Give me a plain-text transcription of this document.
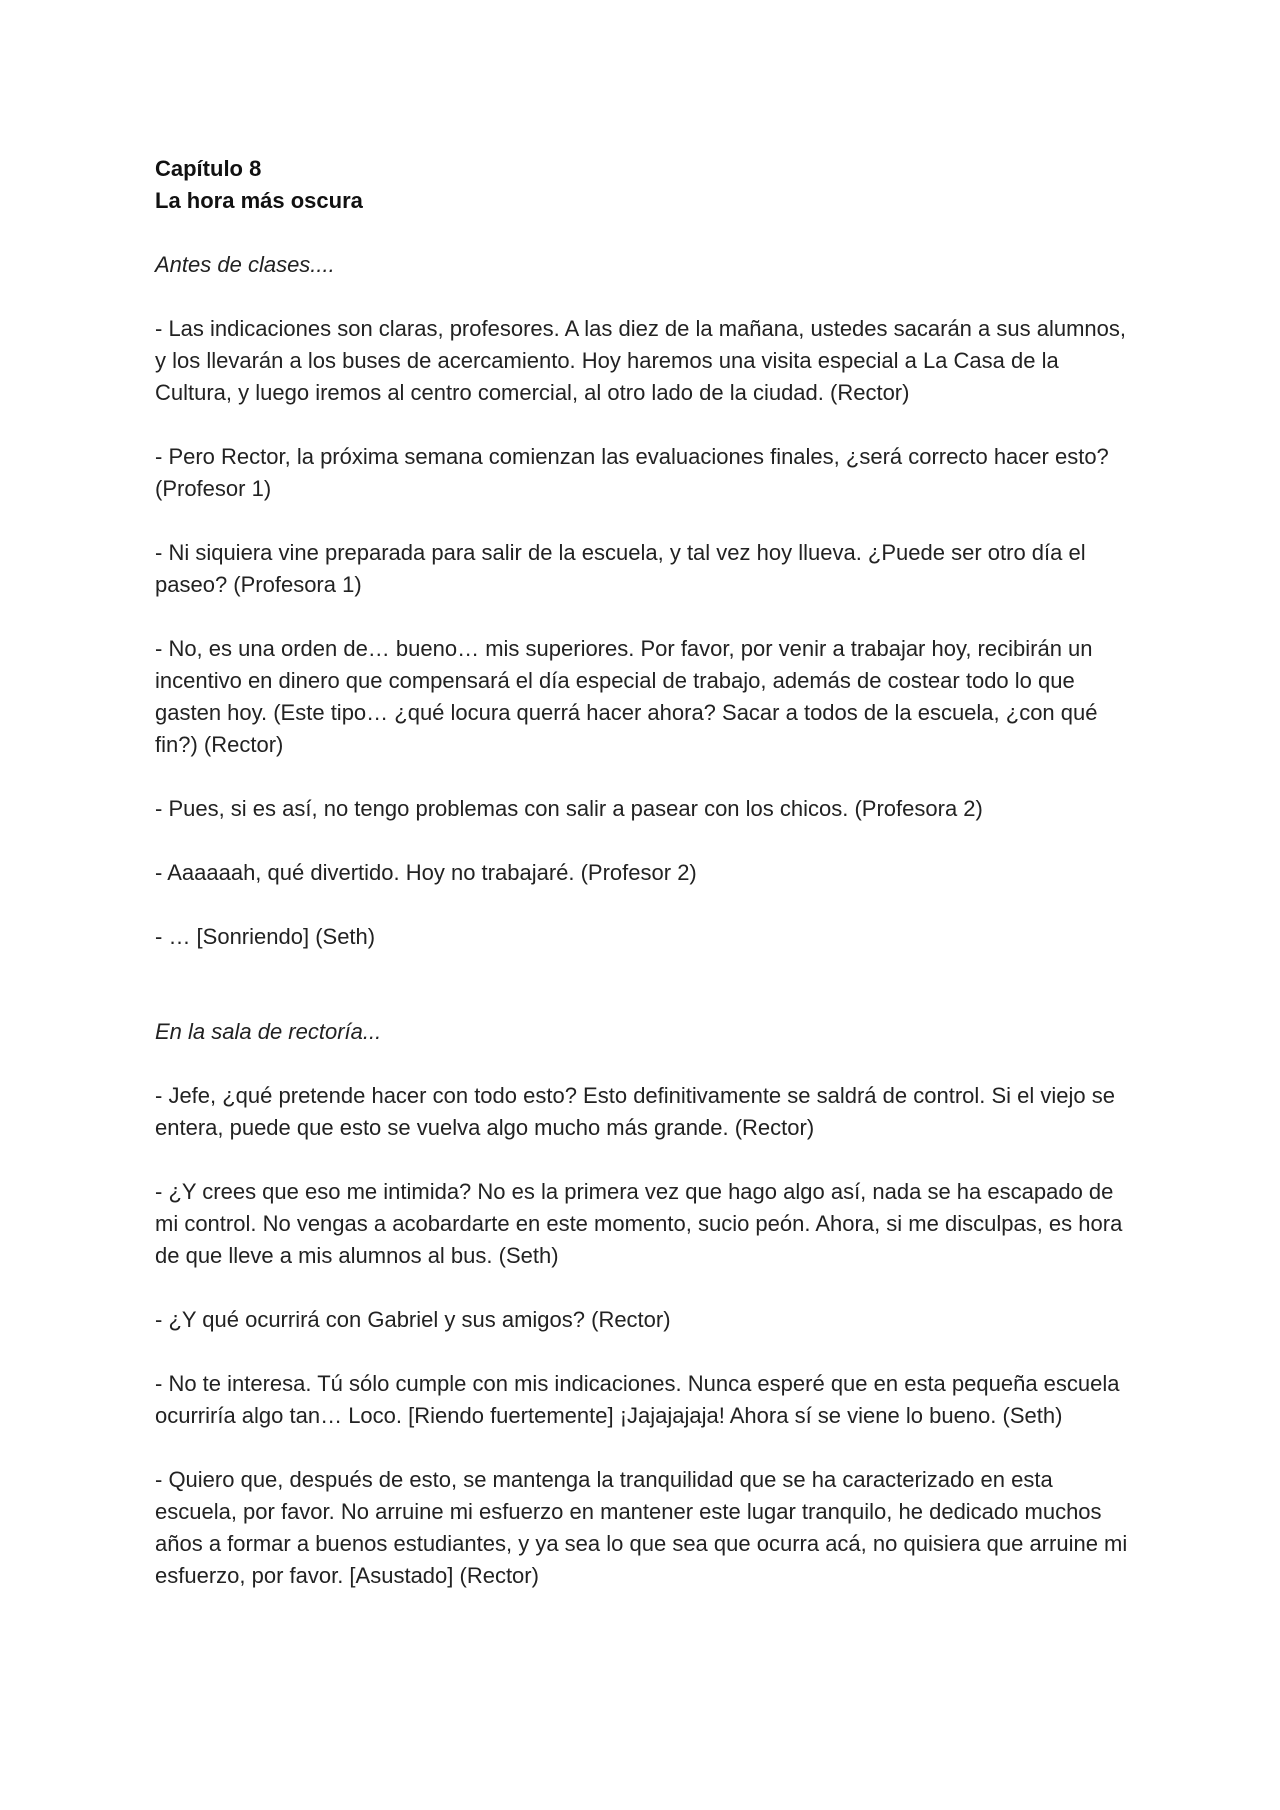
Capítulo 8

La hora más oscura

Antes de clases....

- Las indicaciones son claras, profesores. A las diez de la mañana, ustedes sacarán a sus alumnos, y los llevarán a los buses de acercamiento. Hoy haremos una visita especial a La Casa de la Cultura, y luego iremos al centro comercial, al otro lado de la ciudad. (Rector)

- Pero Rector, la próxima semana comienzan las evaluaciones finales, ¿será correcto hacer esto? (Profesor 1)

- Ni siquiera vine preparada para salir de la escuela, y tal vez hoy llueva. ¿Puede ser otro día el paseo? (Profesora 1)

- No, es una orden de… bueno… mis superiores. Por favor, por venir a trabajar hoy, recibirán un incentivo en dinero que compensará el día especial de trabajo, además de costear todo lo que gasten hoy. (Este tipo… ¿qué locura querrá hacer ahora? Sacar a todos de la escuela, ¿con qué fin?) (Rector)

- Pues, si es así, no tengo problemas con salir a pasear con los chicos. (Profesora 2)

- Aaaaaah, qué divertido. Hoy no trabajaré. (Profesor 2)

- … [Sonriendo] (Seth)

En la sala de rectoría...

- Jefe, ¿qué pretende hacer con todo esto? Esto definitivamente se saldrá de control. Si el viejo se entera, puede que esto se vuelva algo mucho más grande. (Rector)

- ¿Y crees que eso me intimida? No es la primera vez que hago algo así, nada se ha escapado de mi control. No vengas a acobardarte en este momento, sucio peón. Ahora, si me disculpas, es hora de que lleve a mis alumnos al bus. (Seth)

- ¿Y qué ocurrirá con Gabriel y sus amigos? (Rector)

- No te interesa. Tú sólo cumple con mis indicaciones. Nunca esperé que en esta pequeña escuela ocurriría algo tan… Loco. [Riendo fuertemente] ¡Jajajajaja! Ahora sí se viene lo bueno. (Seth)

- Quiero que, después de esto, se mantenga la tranquilidad que se ha caracterizado en esta escuela, por favor. No arruine mi esfuerzo en mantener este lugar tranquilo, he dedicado muchos años a formar a buenos estudiantes, y ya sea lo que sea que ocurra acá, no quisiera que arruine mi esfuerzo, por favor. [Asustado] (Rector)
